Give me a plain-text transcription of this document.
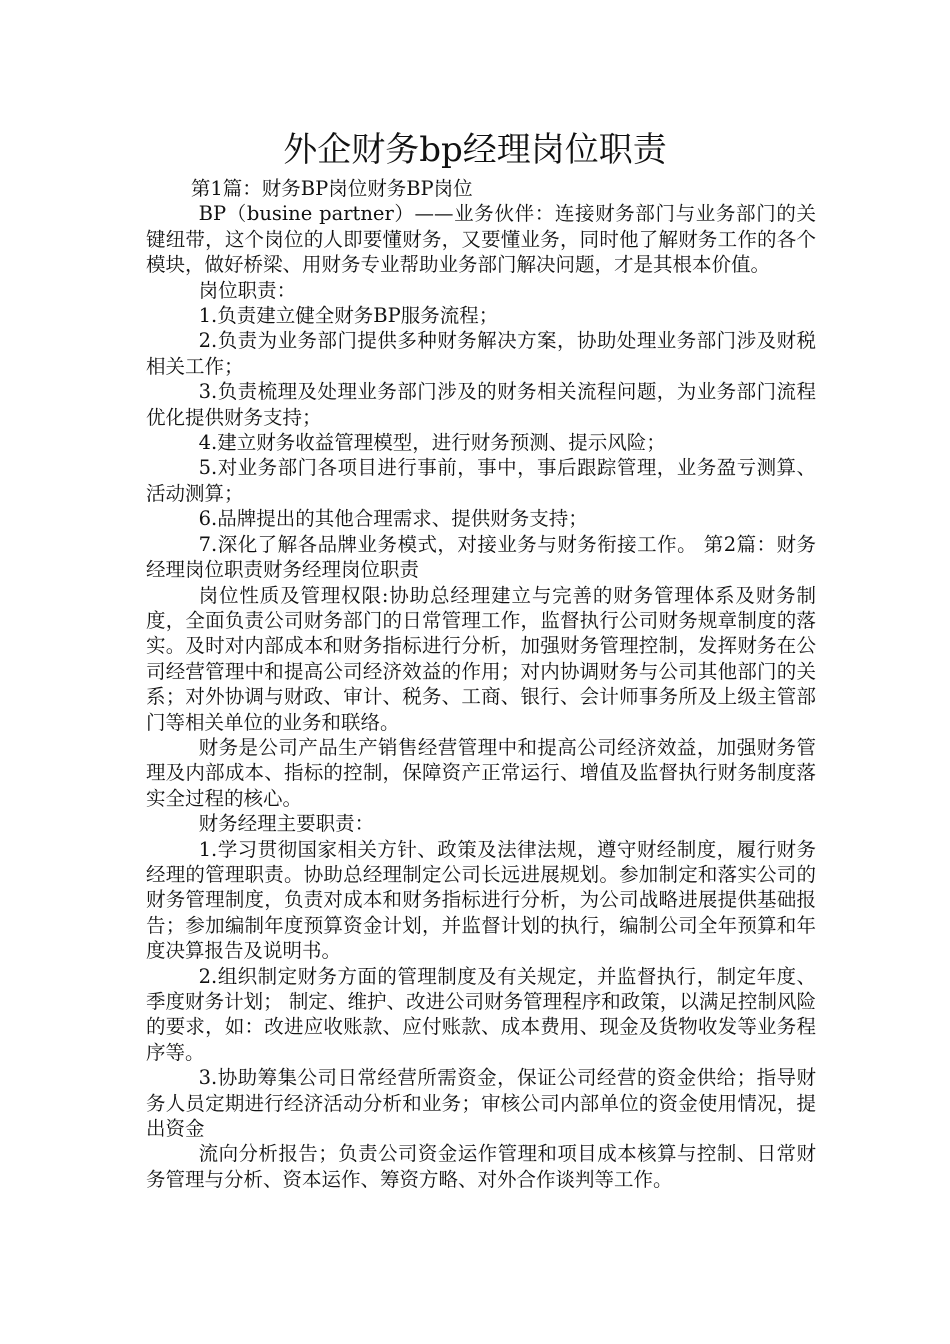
外企财务bp经理岗位职责

第1篇：财务BP岗位财务BP岗位

BP（busine partner）——业务伙伴：连接财务部门与业务部门的关键纽带，这个岗位的人即要懂财务，又要懂业务，同时他了解财务工作的各个模块，做好桥梁、用财务专业帮助业务部门解决问题，才是其根本价值。

岗位职责：

1.负责建立健全财务BP服务流程；

2.负责为业务部门提供多种财务解决方案，协助处理业务部门涉及财税相关工作；

3.负责梳理及处理业务部门涉及的财务相关流程问题，为业务部门流程优化提供财务支持；

4.建立财务收益管理模型，进行财务预测、提示风险；

5.对业务部门各项目进行事前，事中，事后跟踪管理，业务盈亏测算、活动测算；

6.品牌提出的其他合理需求、提供财务支持；

7.深化了解各品牌业务模式，对接业务与财务衔接工作。 第2篇：财务经理岗位职责财务经理岗位职责

岗位性质及管理权限:协助总经理建立与完善的财务管理体系及财务制度，全面负责公司财务部门的日常管理工作，监督执行公司财务规章制度的落实。及时对内部成本和财务指标进行分析，加强财务管理控制，发挥财务在公司经营管理中和提高公司经济效益的作用；对内协调财务与公司其他部门的关系；对外协调与财政、审计、税务、工商、银行、会计师事务所及上级主管部门等相关单位的业务和联络。

财务是公司产品生产销售经营管理中和提高公司经济效益，加强财务管理及内部成本、指标的控制，保障资产正常运行、增值及监督执行财务制度落实全过程的核心。

财务经理主要职责：

1.学习贯彻国家相关方针、政策及法律法规，遵守财经制度，履行财务经理的管理职责。协助总经理制定公司长远进展规划。参加制定和落实公司的财务管理制度，负责对成本和财务指标进行分析，为公司战略进展提供基础报告；参加编制年度预算资金计划，并监督计划的执行，编制公司全年预算和年度决算报告及说明书。

2.组织制定财务方面的管理制度及有关规定，并监督执行，制定年度、季度财务计划； 制定、维护、改进公司财务管理程序和政策，以满足控制风险的要求，如：改进应收账款、应付账款、成本费用、现金及货物收发等业务程序等。

3.协助筹集公司日常经营所需资金，保证公司经营的资金供给；指导财务人员定期进行经济活动分析和业务；审核公司内部单位的资金使用情况，提出资金

流向分析报告；负责公司资金运作管理和项目成本核算与控制、日常财务管理与分析、资本运作、筹资方略、对外合作谈判等工作。
